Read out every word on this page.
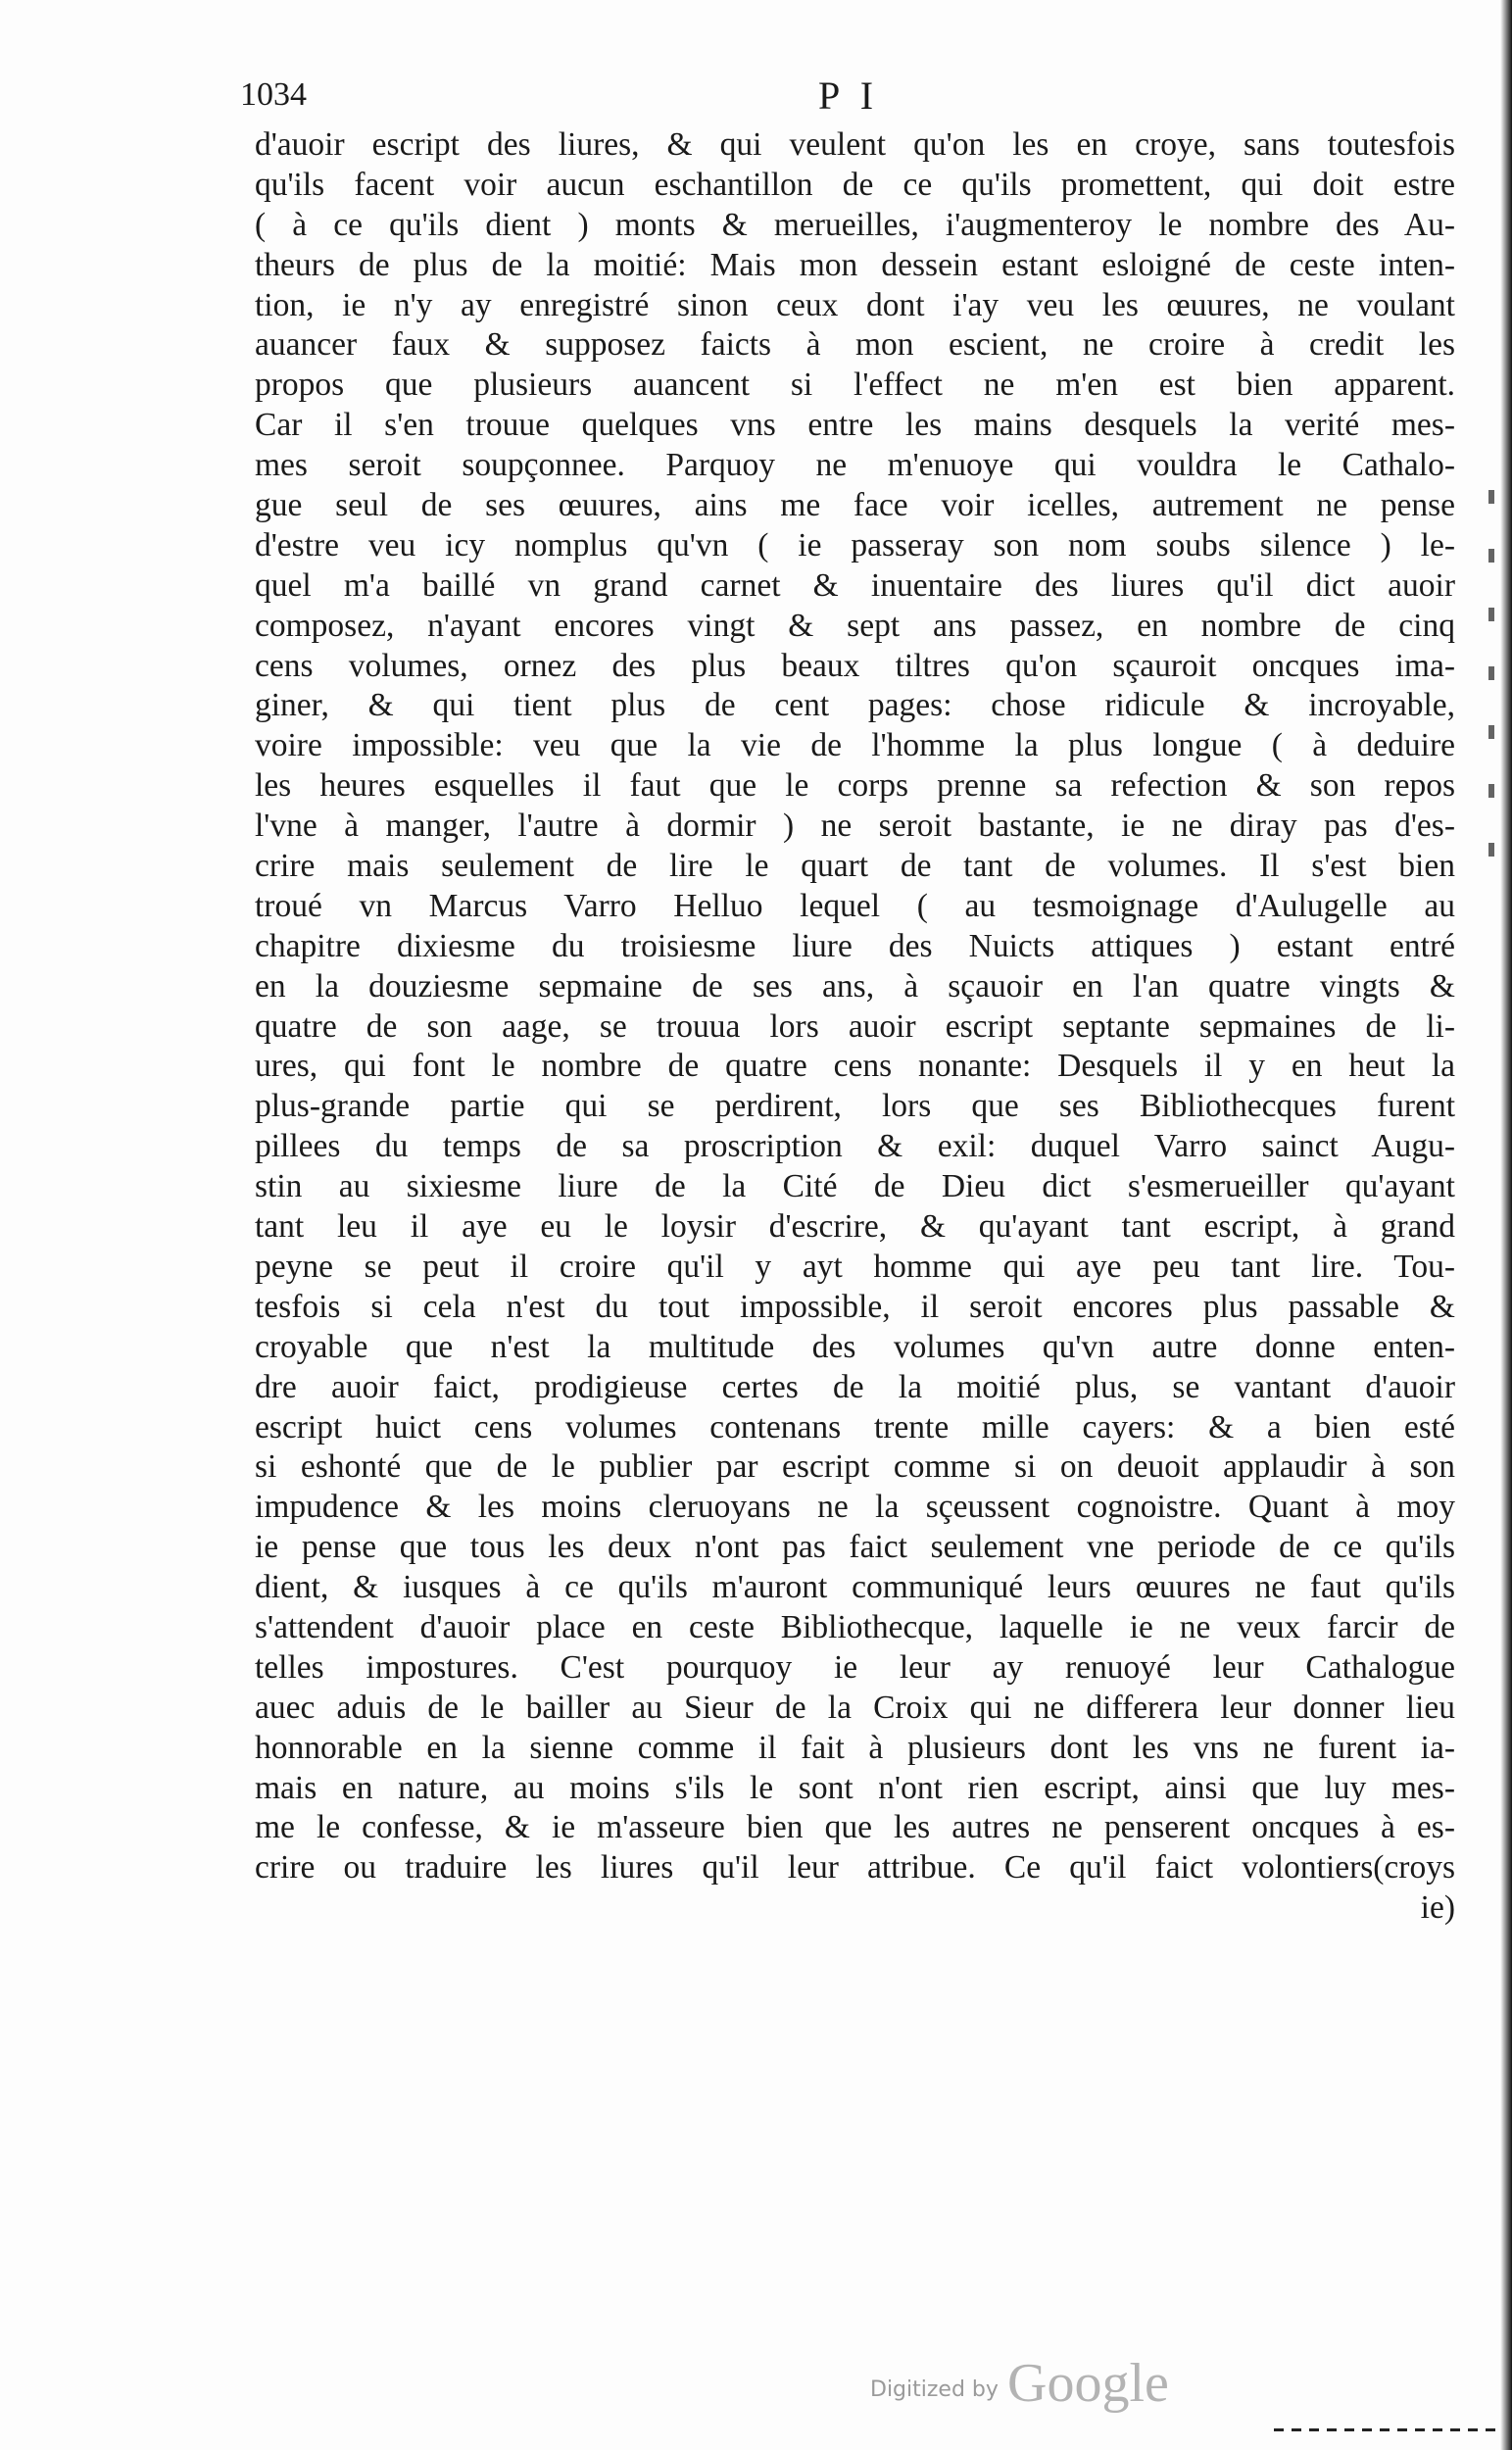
1034	P I
d'auoir escript des liures, & qui veulent qu'on les en croye, sans toutesfois
qu'ils facent voir aucun eschantillon de ce qu'ils promettent, qui doit estre
( à ce qu'ils dient ) monts & merueilles, i'augmenteroy le nombre des Au-
theurs de plus de la moitié: Mais mon dessein estant esloigné de ceste inten-
tion, ie n'y ay enregistré sinon ceux dont i'ay veu les œuures, ne voulant
auancer faux & supposez faicts à mon escient, ne croire à credit les
propos que plusieurs auancent si l'effect ne m'en est bien apparent.
Car il s'en trouue quelques vns entre les mains desquels la verité mes-
mes seroit soupçonnee. Parquoy ne m'enuoye qui vouldra le Cathalo-
gue seul de ses œuures, ains me face voir icelles, autrement ne pense
d'estre veu icy nomplus qu'vn ( ie passeray son nom soubs silence ) le-
quel m'a baillé vn grand carnet & inuentaire des liures qu'il dict auoir
composez, n'ayant encores vingt & sept ans passez, en nombre de cinq
cens volumes, ornez des plus beaux tiltres qu'on sçauroit oncques ima-
giner, & qui tient plus de cent pages: chose ridicule & incroyable,
voire impossible: veu que la vie de l'homme la plus longue ( à deduire
les heures esquelles il faut que le corps prenne sa refection & son repos
l'vne à manger, l'autre à dormir ) ne seroit bastante, ie ne diray pas d'es-
crire mais seulement de lire le quart de tant de volumes. Il s'est bien
troué vn Marcus Varro Helluo lequel ( au tesmoignage d'Aulugelle au
chapitre dixiesme du troisiesme liure des Nuicts attiques ) estant entré
en la douziesme sepmaine de ses ans, à sçauoir en l'an quatre vingts &
quatre de son aage, se trouua lors auoir escript septante sepmaines de li-
ures, qui font le nombre de quatre cens nonante: Desquels il y en heut la
plus-grande partie qui se perdirent, lors que ses Bibliothecques furent
pillees du temps de sa proscription & exil: duquel Varro sainct Augu-
stin au sixiesme liure de la Cité de Dieu dict s'esmerueiller qu'ayant
tant leu il aye eu le loysir d'escrire, & qu'ayant tant escript, à grand
peyne se peut il croire qu'il y ayt homme qui aye peu tant lire. Tou-
tesfois si cela n'est du tout impossible, il seroit encores plus passable &
croyable que n'est la multitude des volumes qu'vn autre donne enten-
dre auoir faict, prodigieuse certes de la moitié plus, se vantant d'auoir
escript huict cens volumes contenans trente mille cayers: & a bien esté
si eshonté que de le publier par escript comme si on deuoit applaudir à son
impudence & les moins cleruoyans ne la sçeussent cognoistre. Quant à moy
ie pense que tous les deux n'ont pas faict seulement vne periode de ce qu'ils
dient, & iusques à ce qu'ils m'auront communiqué leurs œuures ne faut qu'ils
s'attendent d'auoir place en ceste Bibliothecque, laquelle ie ne veux farcir de
telles impostures. C'est pourquoy ie leur ay renuoyé leur Cathalogue
auec aduis de le bailler au Sieur de la Croix qui ne differera leur donner lieu
honnorable en la sienne comme il fait à plusieurs dont les vns ne furent ia-
mais en nature, au moins s'ils le sont n'ont rien escript, ainsi que luy mes-
me le confesse, & ie m'asseure bien que les autres ne penserent oncques à es-
crire ou traduire les liures qu'il leur attribue. Ce qu'il faict volontiers(croys
ie)
Digitized by Google
